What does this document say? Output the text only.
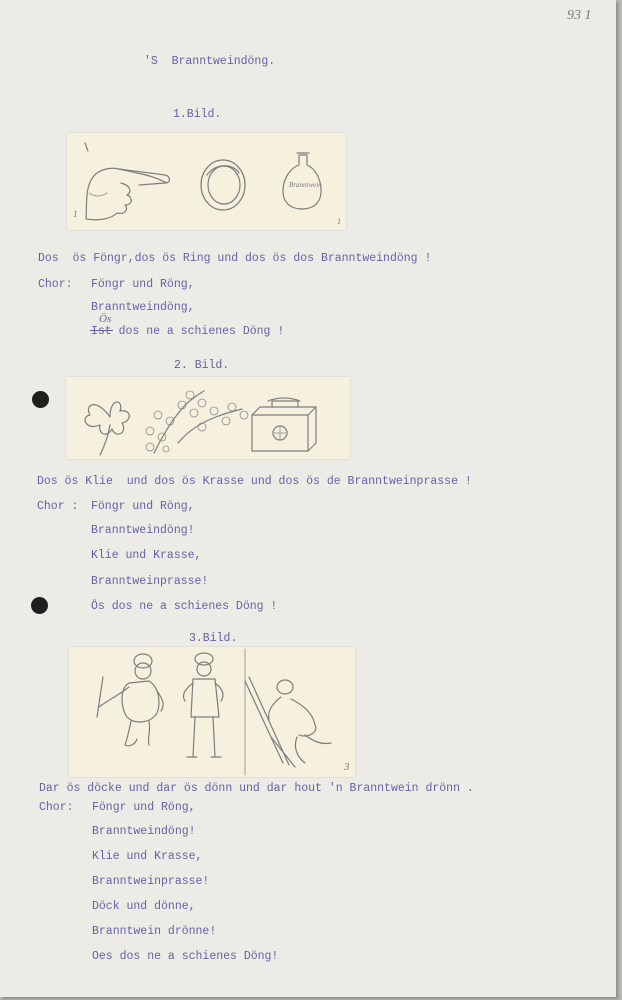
93 1
'S  Branntweindöng.
1.Bild.
1
1
Branntwein
Dos  ös Föngr,dos ös Ring und dos ös dos Branntweindöng !
Chor: Föngr und Röng,
Branntweindöng,
Ist dos ne a schienes Döng !
Ös
2. Bild.
Dos ös Klie  und dos ös Krasse und dos ös de Branntweinprasse !
Chor : Föngr und Röng,
Branntweindöng!
Klie und Krasse,
Branntweinprasse!
Ös dos ne a schienes Döng !
3.Bild.
3
Dar ös döcke und dar ös dönn und dar hout 'n Branntwein drönn .
Chor: Föngr und Röng,
Branntweindöng!
Klie und Krasse,
Branntweinprasse!
Döck und dönne,
Branntwein drönne!
Oes dos ne a schienes Döng!
